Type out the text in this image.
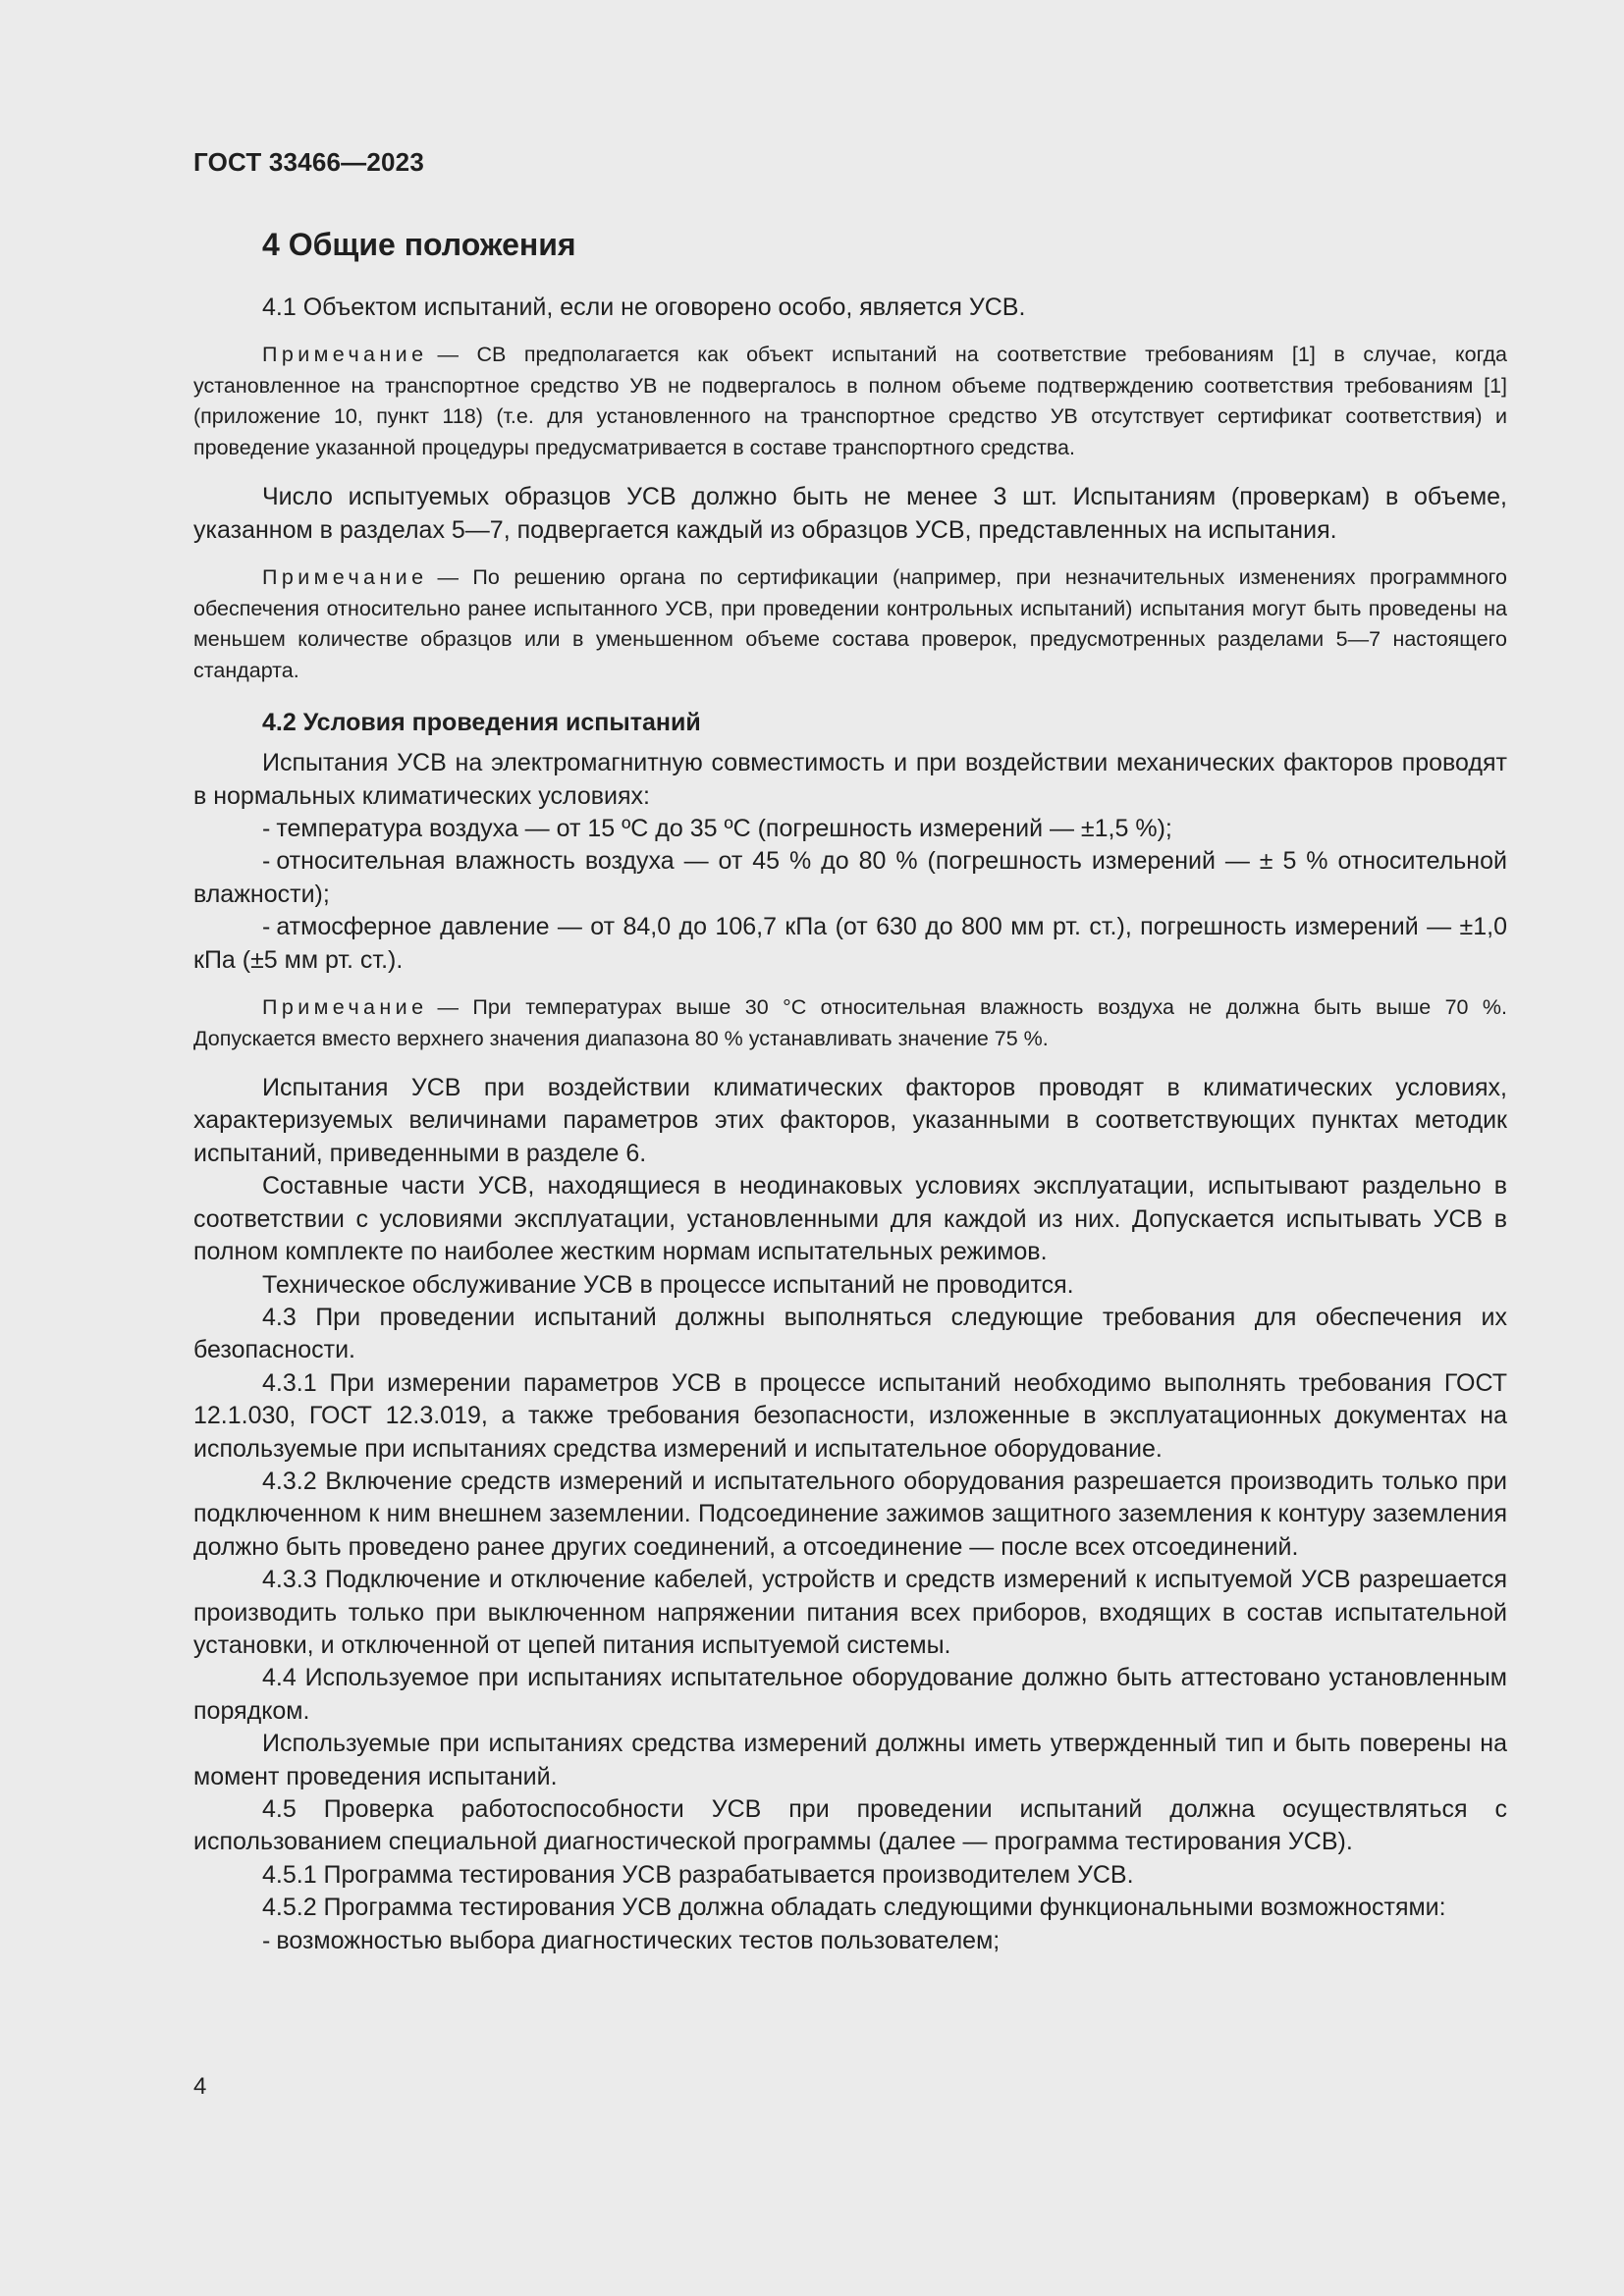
ГОСТ 33466—2023
4 Общие положения

4.1 Объектом испытаний, если не оговорено особо, является УСВ.

Примечание — СВ предполагается как объект испытаний на соответствие требованиям [1] в случае, когда установленное на транспортное средство УВ не подвергалось в полном объеме подтверждению соответствия требованиям [1] (приложение 10, пункт 118) (т.е. для установленного на транспортное средство УВ отсутствует сертификат соответствия) и проведение указанной процедуры предусматривается в составе транспортного средства.

Число испытуемых образцов УСВ должно быть не менее 3 шт. Испытаниям (проверкам) в объеме, указанном в разделах 5—7, подвергается каждый из образцов УСВ, представленных на испытания.

Примечание — По решению органа по сертификации (например, при незначительных изменениях программного обеспечения относительно ранее испытанного УСВ, при проведении контрольных испытаний) испытания могут быть проведены на меньшем количестве образцов или в уменьшенном объеме состава проверок, предусмотренных разделами 5—7 настоящего стандарта.

4.2 Условия проведения испытаний

Испытания УСВ на электромагнитную совместимость и при воздействии механических факторов проводят в нормальных климатических условиях:

- температура воздуха — от 15 ºС до 35 ºС (погрешность измерений — ±1,5 %);

- относительная влажность воздуха — от 45 % до 80 % (погрешность измерений — ± 5 % относительной влажности);

- атмосферное давление — от 84,0 до 106,7 кПа (от 630 до 800 мм рт. ст.), погрешность измерений — ±1,0 кПа (±5 мм рт. ст.).

Примечание — При температурах выше 30 °С относительная влажность воздуха не должна быть выше 70 %. Допускается вместо верхнего значения диапазона 80 % устанавливать значение 75 %.

Испытания УСВ при воздействии климатических факторов проводят в климатических условиях, характеризуемых величинами параметров этих факторов, указанными в соответствующих пунктах методик испытаний, приведенными в разделе 6.

Составные части УСВ, находящиеся в неодинаковых условиях эксплуатации, испытывают раздельно в соответствии с условиями эксплуатации, установленными для каждой из них. Допускается испытывать УСВ в полном комплекте по наиболее жестким нормам испытательных режимов.

Техническое обслуживание УСВ в процессе испытаний не проводится.

4.3 При проведении испытаний должны выполняться следующие требования для обеспечения их безопасности.

4.3.1 При измерении параметров УСВ в процессе испытаний необходимо выполнять требования ГОСТ 12.1.030, ГОСТ 12.3.019, а также требования безопасности, изложенные в эксплуатационных документах на используемые при испытаниях средства измерений и испытательное оборудование.

4.3.2 Включение средств измерений и испытательного оборудования разрешается производить только при подключенном к ним внешнем заземлении. Подсоединение зажимов защитного заземления к контуру заземления должно быть проведено ранее других соединений, а отсоединение — после всех отсоединений.

4.3.3 Подключение и отключение кабелей, устройств и средств измерений к испытуемой УСВ разрешается производить только при выключенном напряжении питания всех приборов, входящих в состав испытательной установки, и отключенной от цепей питания испытуемой системы.

4.4 Используемое при испытаниях испытательное оборудование должно быть аттестовано установленным порядком.

Используемые при испытаниях средства измерений должны иметь утвержденный тип и быть поверены на момент проведения испытаний.

4.5 Проверка работоспособности УСВ при проведении испытаний должна осуществляться с использованием специальной диагностической программы (далее — программа тестирования УСВ).

4.5.1 Программа тестирования УСВ разрабатывается производителем УСВ.

4.5.2 Программа тестирования УСВ должна обладать следующими функциональными возможностями:

- возможностью выбора диагностических тестов пользователем;

4
